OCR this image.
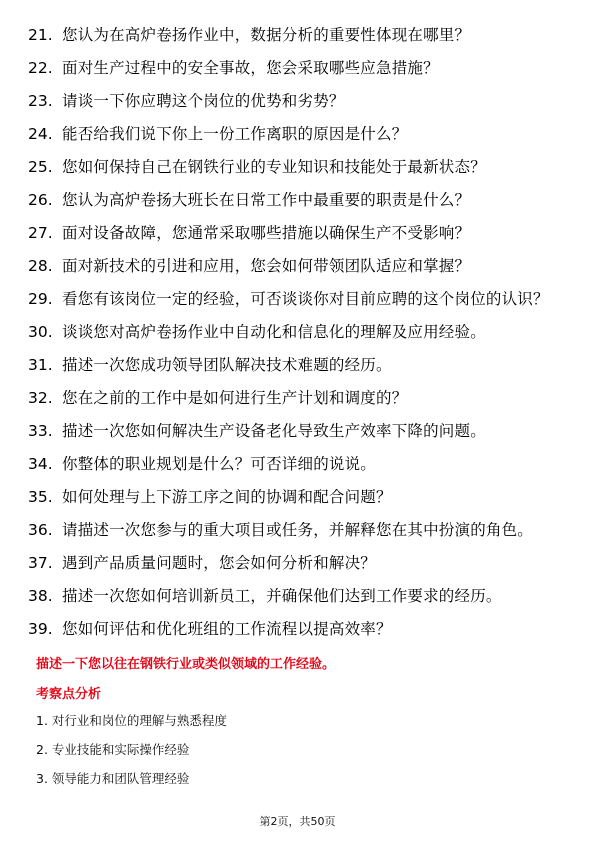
21. 您认为在高炉卷扬作业中，数据分析的重要性体现在哪里？
22. 面对生产过程中的安全事故，您会采取哪些应急措施？
23. 请谈一下你应聘这个岗位的优势和劣势？
24. 能否给我们说下你上一份工作离职的原因是什么？
25. 您如何保持自己在钢铁行业的专业知识和技能处于最新状态？
26. 您认为高炉卷扬大班长在日常工作中最重要的职责是什么？
27. 面对设备故障，您通常采取哪些措施以确保生产不受影响？
28. 面对新技术的引进和应用，您会如何带领团队适应和掌握？
29. 看您有该岗位一定的经验，可否谈谈你对目前应聘的这个岗位的认识？
30. 谈谈您对高炉卷扬作业中自动化和信息化的理解及应用经验。
31. 描述一次您成功领导团队解决技术难题的经历。
32. 您在之前的工作中是如何进行生产计划和调度的？
33. 描述一次您如何解决生产设备老化导致生产效率下降的问题。
34. 你整体的职业规划是什么？可否详细的说说。
35. 如何处理与上下游工序之间的协调和配合问题？
36. 请描述一次您参与的重大项目或任务，并解释您在其中扮演的角色。
37. 遇到产品质量问题时，您会如何分析和解决？
38. 描述一次您如何培训新员工，并确保他们达到工作要求的经历。
39. 您如何评估和优化班组的工作流程以提高效率？
描述一下您以往在钢铁行业或类似领域的工作经验。
考察点分析
1. 对行业和岗位的理解与熟悉程度
2. 专业技能和实际操作经验
3. 领导能力和团队管理经验
第2页，共50页
